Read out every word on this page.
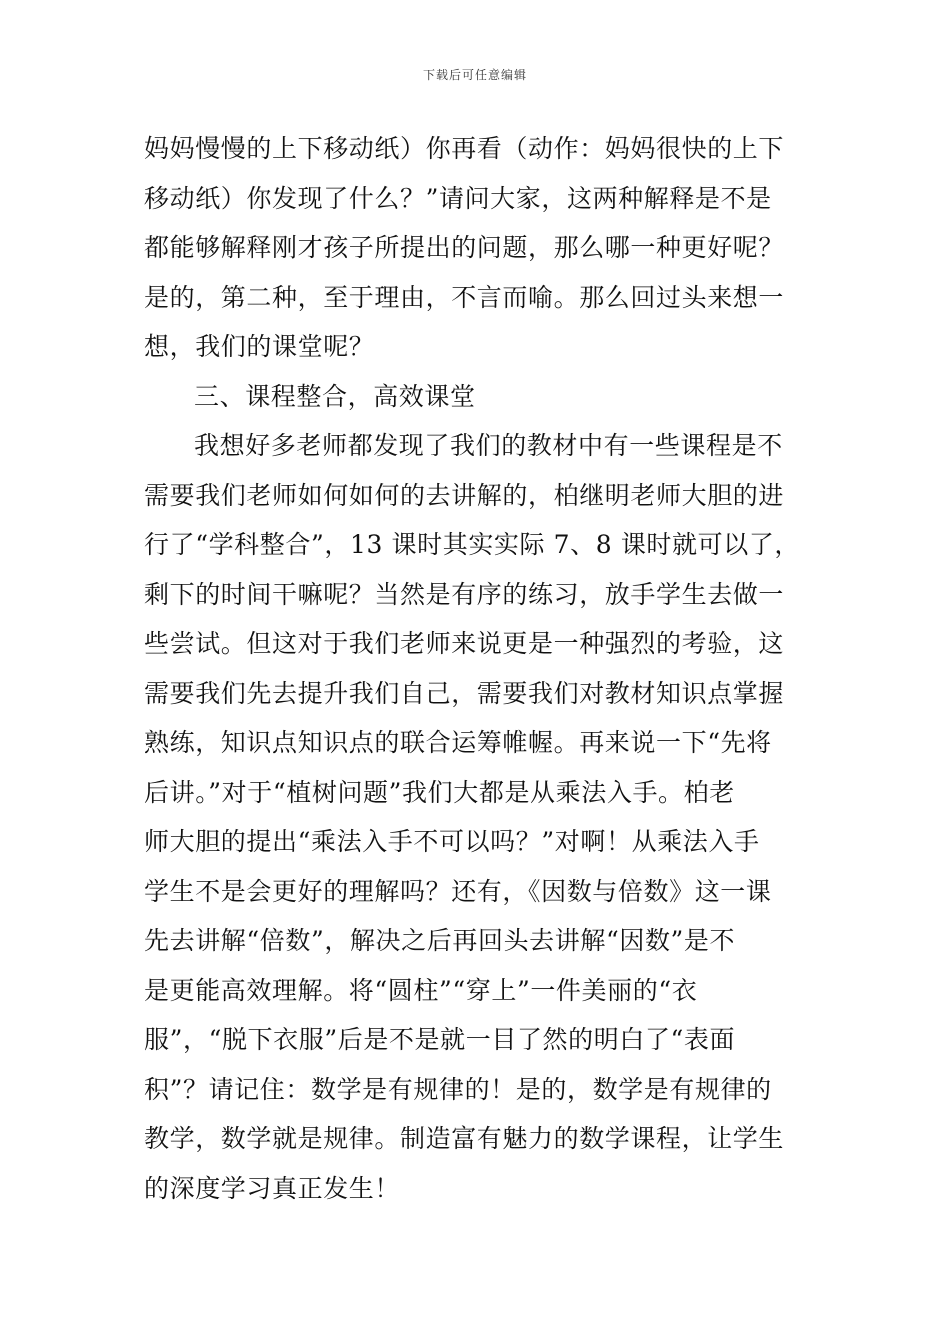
下载后可任意编辑
妈妈慢慢的上下移动纸）你再看（动作：妈妈很快的上下
移动纸）你发现了什么？”请问大家，这两种解释是不是
都能够解释刚才孩子所提出的问题，那么哪一种更好呢？
是的，第二种，至于理由，不言而喻。那么回过头来想一
想，我们的课堂呢？
三、课程整合，高效课堂
我想好多老师都发现了我们的教材中有一些课程是不
需要我们老师如何如何的去讲解的，柏继明老师大胆的进
行了“学科整合”，13 课时其实实际 7、8 课时就可以了，
剩下的时间干嘛呢？当然是有序的练习，放手学生去做一
些尝试。但这对于我们老师来说更是一种强烈的考验，这
需要我们先去提升我们自己，需要我们对教材知识点掌握
熟练，知识点知识点的联合运筹帷幄。再来说一下“先将
后讲。”对于“植树问题”我们大都是从乘法入手。柏老
师大胆的提出“乘法入手不可以吗？”对啊！从乘法入手
学生不是会更好的理解吗？还有，《因数与倍数》这一课
先去讲解“倍数”，解决之后再回头去讲解“因数”是不
是更能高效理解。将“圆柱”“穿上”一件美丽的“衣
服”，“脱下衣服”后是不是就一目了然的明白了“表面
积”？请记住：数学是有规律的！是的，数学是有规律的
教学，数学就是规律。制造富有魅力的数学课程，让学生
的深度学习真正发生！
